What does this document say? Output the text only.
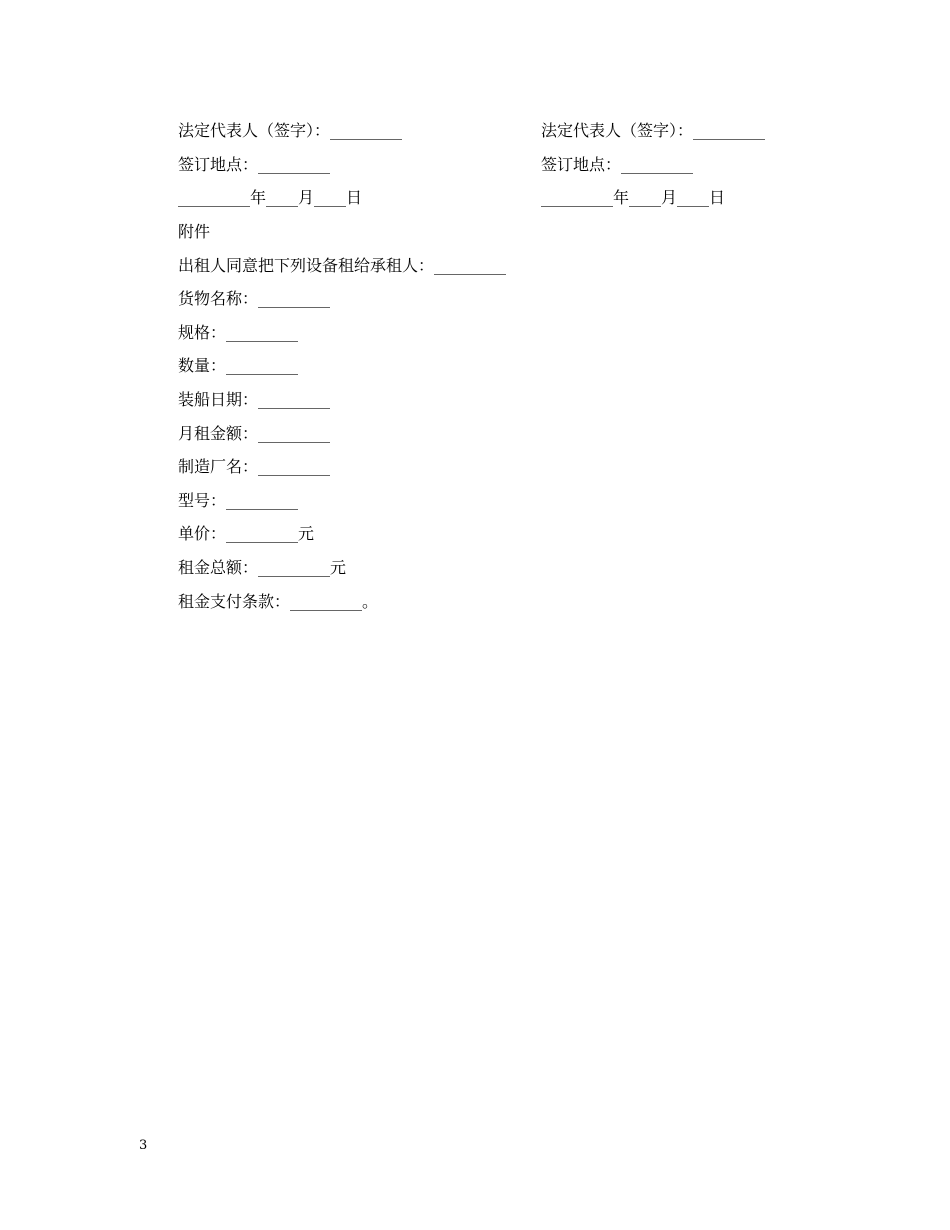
法定代表人（签字）：_________
签订地点：_________
_________年____月____日
法定代表人（签字）：_________
签订地点：_________
_________年____月____日
附件
出租人同意把下列设备租给承租人：_________
货物名称：_________
规格：_________
数量：_________
装船日期：_________
月租金额：_________
制造厂名：_________
型号：_________
单价：_________元
租金总额：_________元
租金支付条款：_________。
3
